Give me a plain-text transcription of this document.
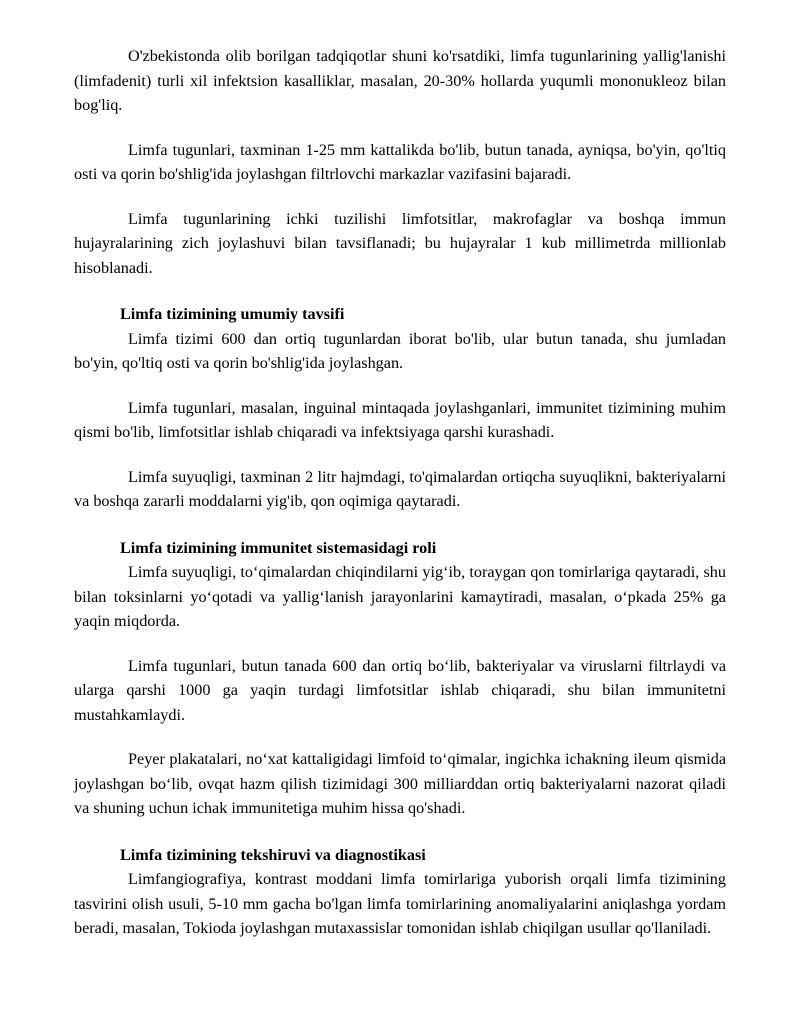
O'zbekistonda olib borilgan tadqiqotlar shuni ko'rsatdiki, limfa tugunlarining yallig'lanishi (limfadenit) turli xil infektsion kasalliklar, masalan, 20-30% hollarda yuqumli mononukleoz bilan bog'liq.

Limfa tugunlari, taxminan 1-25 mm kattalikda bo'lib, butun tanada, ayniqsa, bo'yin, qo'ltiq osti va qorin bo'shlig'ida joylashgan filtrlovchi markazlar vazifasini bajaradi.

Limfa tugunlarining ichki tuzilishi limfotsitlar, makrofaglar va boshqa immun hujayralarining zich joylashuvi bilan tavsiflanadi; bu hujayralar 1 kub millimetrda millionlab hisoblanadi.

Limfa tizimining umumiy tavsifi

Limfa tizimi 600 dan ortiq tugunlardan iborat bo'lib, ular butun tanada, shu jumladan bo'yin, qo'ltiq osti va qorin bo'shlig'ida joylashgan.

Limfa tugunlari, masalan, inguinal mintaqada joylashganlari, immunitet tizimining muhim qismi bo'lib, limfotsitlar ishlab chiqaradi va infektsiyaga qarshi kurashadi.

Limfa suyuqligi, taxminan 2 litr hajmdagi, to'qimalardan ortiqcha suyuqlikni, bakteriyalarni va boshqa zararli moddalarni yig'ib, qon oqimiga qaytaradi.

Limfa tizimining immunitet sistemasidagi roli

Limfa suyuqligi, to‘qimalardan chiqindilarni yig‘ib, toraygan qon tomirlariga qaytaradi, shu bilan toksinlarni yo‘qotadi va yallig‘lanish jarayonlarini kamaytiradi, masalan, o‘pkada 25% ga yaqin miqdorda.

Limfa tugunlari, butun tanada 600 dan ortiq bo‘lib, bakteriyalar va viruslarni filtrlaydi va ularga qarshi 1000 ga yaqin turdagi limfotsitlar ishlab chiqaradi, shu bilan immunitetni mustahkamlaydi.

Peyer plakatalari, no‘xat kattaligidagi limfoid to‘qimalar, ingichka ichakning ileum qismida joylashgan bo‘lib, ovqat hazm qilish tizimidagi 300 milliarddan ortiq bakteriyalarni nazorat qiladi va shuning uchun ichak immunitetiga muhim hissa qo'shadi.

Limfa tizimining tekshiruvi va diagnostikasi

Limfangiografiya, kontrast moddani limfa tomirlariga yuborish orqali limfa tizimining tasvirini olish usuli, 5-10 mm gacha bo'lgan limfa tomirlarining anomaliyalarini aniqlashga yordam beradi, masalan, Tokioda joylashgan mutaxassislar tomonidan ishlab chiqilgan usullar qo'llaniladi.
